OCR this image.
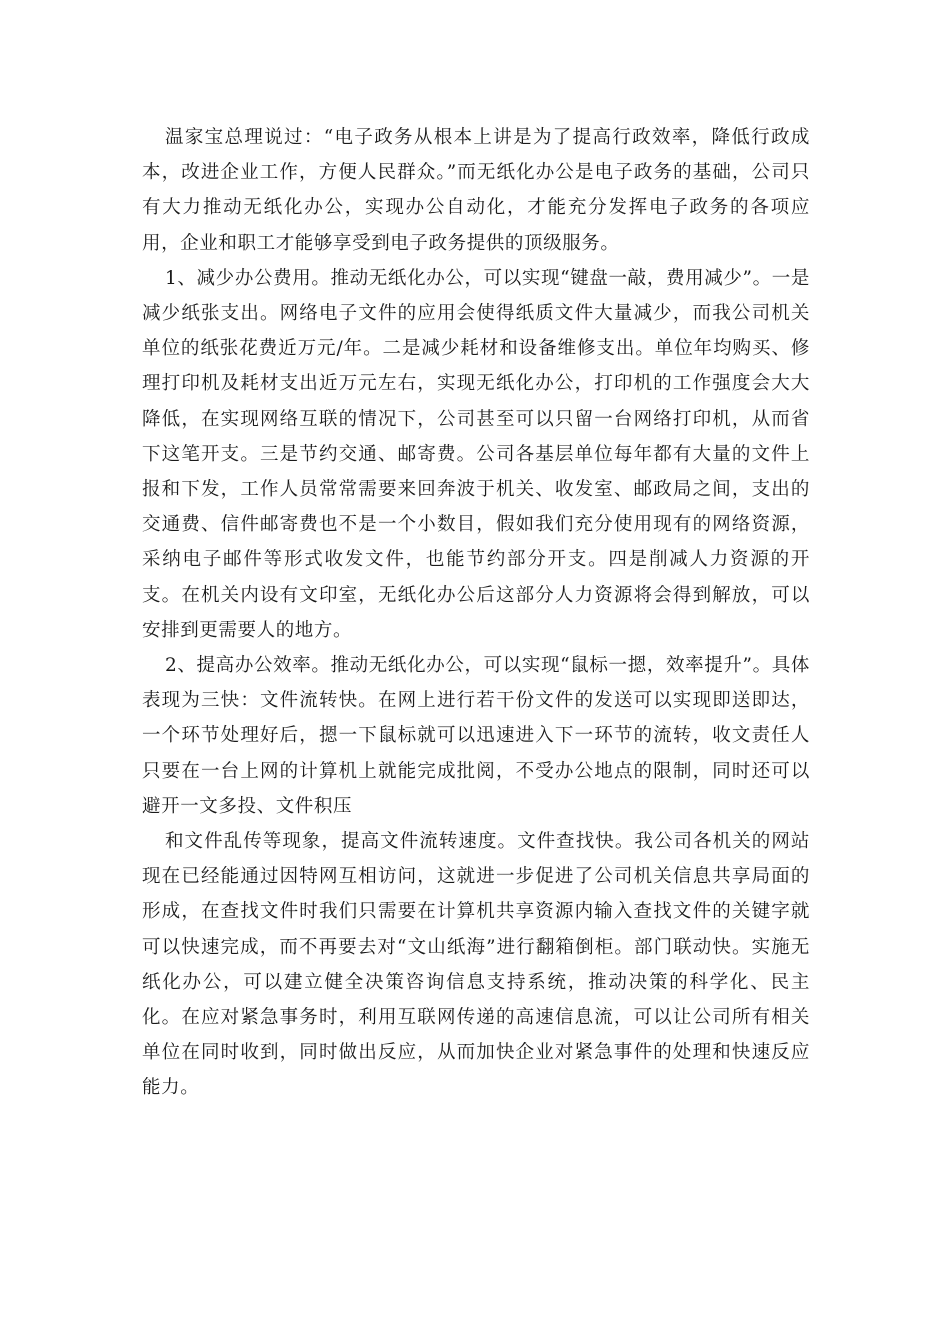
温家宝总理说过：“电子政务从根本上讲是为了提高行政效率，降低行政成本，改进企业工作，方便人民群众。”而无纸化办公是电子政务的基础，公司只有大力推动无纸化办公，实现办公自动化，才能充分发挥电子政务的各项应用，企业和职工才能够享受到电子政务提供的顶级服务。

1、减少办公费用。推动无纸化办公，可以实现“键盘一敲，费用减少”。一是减少纸张支出。网络电子文件的应用会使得纸质文件大量减少，而我公司机关单位的纸张花费近万元/年。二是减少耗材和设备维修支出。单位年均购买、修理打印机及耗材支出近万元左右，实现无纸化办公，打印机的工作强度会大大降低，在实现网络互联的情况下，公司甚至可以只留一台网络打印机，从而省下这笔开支。三是节约交通、邮寄费。公司各基层单位每年都有大量的文件上报和下发，工作人员常常需要来回奔波于机关、收发室、邮政局之间，支出的交通费、信件邮寄费也不是一个小数目，假如我们充分使用现有的网络资源，采纳电子邮件等形式收发文件，也能节约部分开支。四是削减人力资源的开支。在机关内设有文印室，无纸化办公后这部分人力资源将会得到解放，可以安排到更需要人的地方。

2、提高办公效率。推动无纸化办公，可以实现“鼠标一摁，效率提升”。具体表现为三快：文件流转快。在网上进行若干份文件的发送可以实现即送即达，一个环节处理好后，摁一下鼠标就可以迅速进入下一环节的流转，收文责任人只要在一台上网的计算机上就能完成批阅，不受办公地点的限制，同时还可以避开一文多投、文件积压

和文件乱传等现象，提高文件流转速度。文件查找快。我公司各机关的网站现在已经能通过因特网互相访问，这就进一步促进了公司机关信息共享局面的形成，在查找文件时我们只需要在计算机共享资源内输入查找文件的关键字就可以快速完成，而不再要去对“文山纸海”进行翻箱倒柜。部门联动快。实施无纸化办公，可以建立健全决策咨询信息支持系统，推动决策的科学化、民主化。在应对紧急事务时，利用互联网传递的高速信息流，可以让公司所有相关单位在同时收到，同时做出反应，从而加快企业对紧急事件的处理和快速反应能力。
